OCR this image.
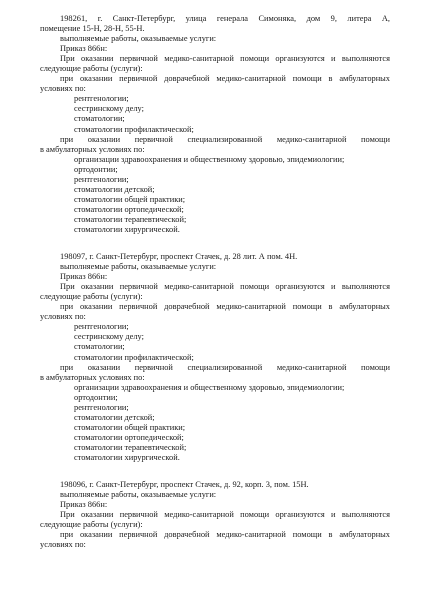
198261, г. Санкт-Петербург, улица генерала Симоняка, дом 9, литера А,
помещение 15-Н, 28-Н, 55-Н.
выполняемые работы, оказываемые услуги:
Приказ 866н:
При оказании первичной медико-санитарной помощи организуются и выполняются
следующие работы (услуги):
при оказании первичной доврачебной медико-санитарной помощи в амбулаторных
условиях по:
рентгенологии;
сестринскому делу;
стоматологии;
стоматологии профилактической;
при оказании первичной специализированной медико-санитарной помощи
в амбулаторных условиях по:
организации здравоохранения и общественному здоровью, эпидемиологии;
ортодонтии;
рентгенологии;
стоматологии детской;
стоматологии общей практики;
стоматологии ортопедической;
стоматологии терапевтической;
стоматологии хирургической.
198097, г. Санкт-Петербург, проспект Стачек, д. 28 лит. А пом. 4Н.
выполняемые работы, оказываемые услуги:
Приказ 866н:
При оказании первичной медико-санитарной помощи организуются и выполняются
следующие работы (услуги):
при оказании первичной доврачебной медико-санитарной помощи в амбулаторных
условиях по:
рентгенологии;
сестринскому делу;
стоматологии;
стоматологии профилактической;
при оказании первичной специализированной медико-санитарной помощи
в амбулаторных условиях по:
организации здравоохранения и общественному здоровью, эпидемиологии;
ортодонтии;
рентгенологии;
стоматологии детской;
стоматологии общей практики;
стоматологии ортопедической;
стоматологии терапевтической;
стоматологии хирургической.
198096, г. Санкт-Петербург, проспект Стачек, д. 92, корп. 3, пом. 15Н.
выполняемые работы, оказываемые услуги:
Приказ 866н:
При оказании первичной медико-санитарной помощи организуются и выполняются
следующие работы (услуги):
при оказании первичной доврачебной медико-санитарной помощи в амбулаторных
условиях по:
